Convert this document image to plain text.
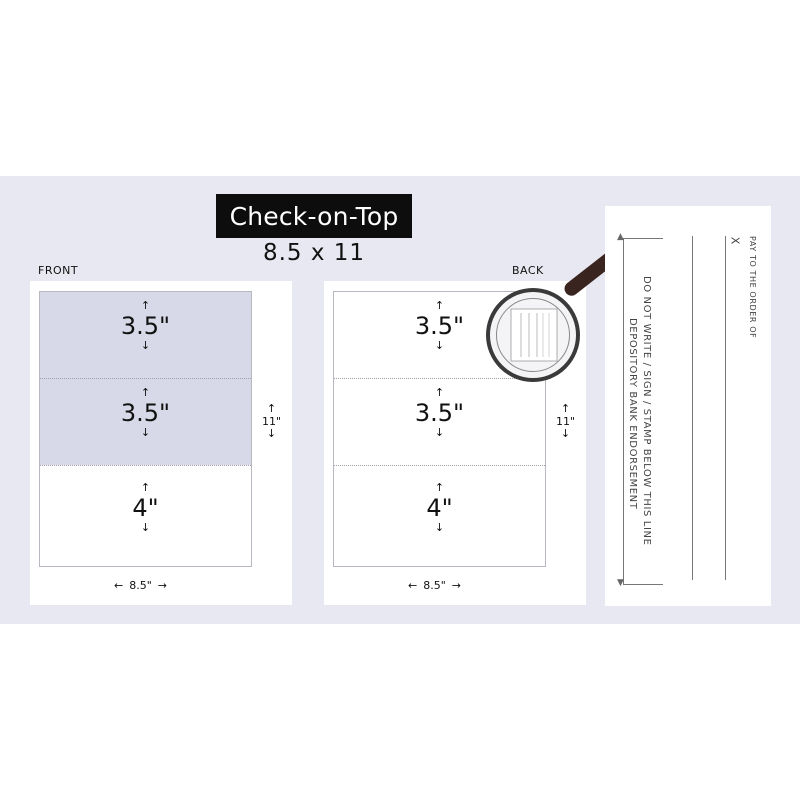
Check-on-Top
8.5 x 11
FRONT	BACK
↑
3.5"
↓
↑
3.5"
↓
↑
4"
↓
← 8.5" →
↑
11"
↓
↑
3.5"
↓
↑
3.5"
↓
↑
4"
↓
← 8.5" →
↑
11"
↓
▲
▼
DO NOT WRITE / SIGN / STAMP BELOW THIS LINE
DEPOSITORY BANK ENDORSEMENT
PAY TO THE ORDER OF
X
